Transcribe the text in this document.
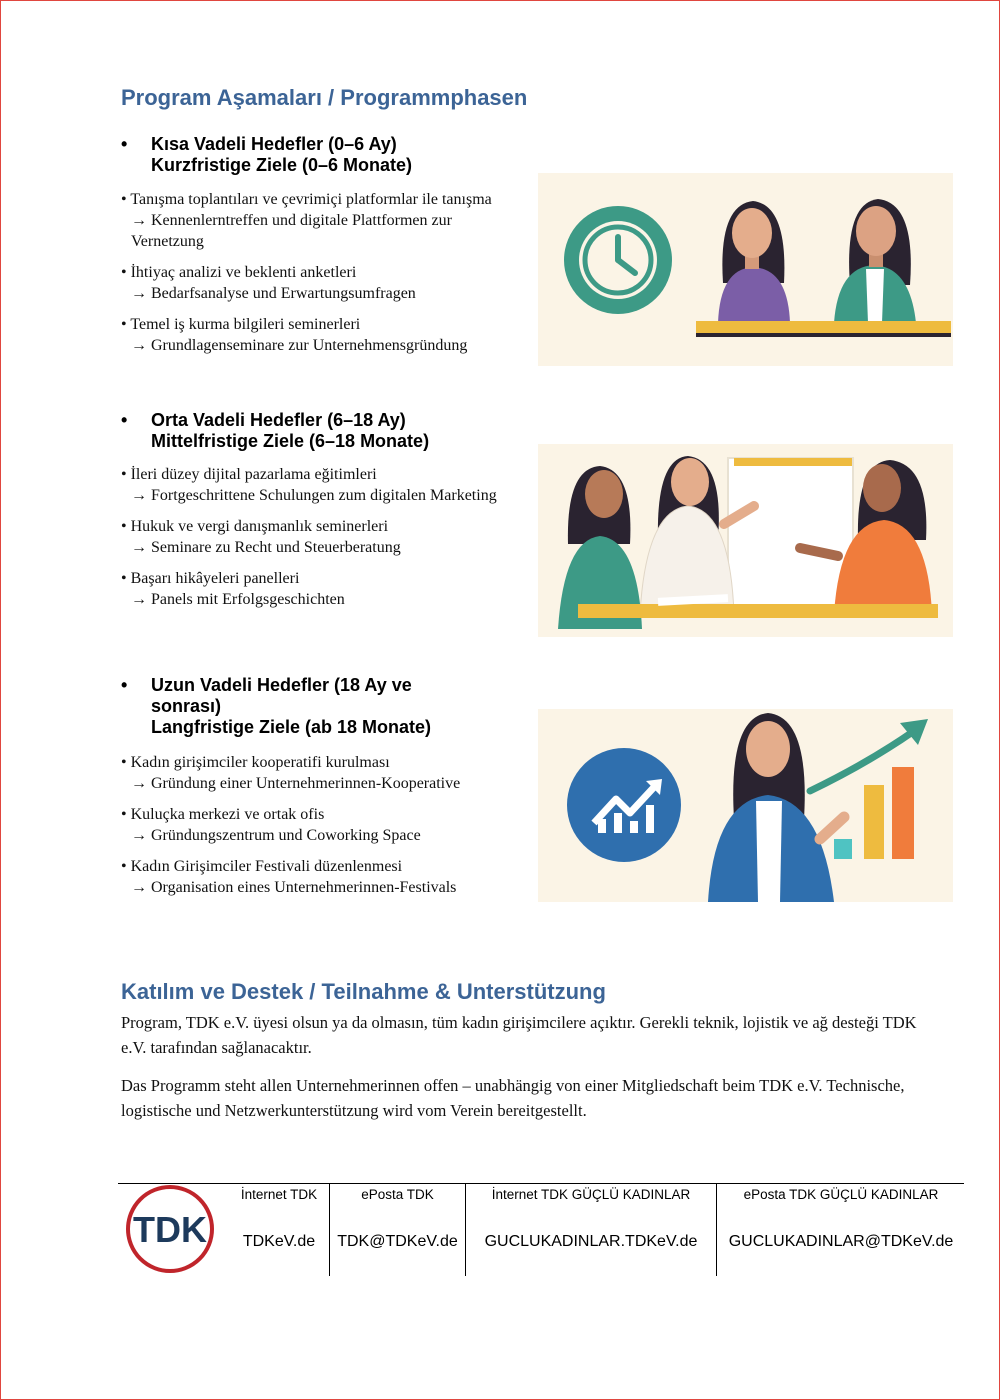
Program Aşamaları / Programmphasen
• Kısa Vadeli Hedefler (0–6 Ay)
Kurzfristige Ziele (0–6 Monate)
• Tanışma toplantıları ve çevrimiçi platformlar ile tanışma
→ Kennenlerntreffen und digitale Plattformen zur Vernetzung
• İhtiyaç analizi ve beklenti anketleri
→ Bedarfsanalyse und Erwartungsumfragen
• Temel iş kurma bilgileri seminerleri
→ Grundlagenseminare zur Unternehmensgründung
• Orta Vadeli Hedefler (6–18 Ay)
Mittelfristige Ziele (6–18 Monate)
• İleri düzey dijital pazarlama eğitimleri
→ Fortgeschrittene Schulungen zum digitalen Marketing
• Hukuk ve vergi danışmanlık seminerleri
→ Seminare zu Recht und Steuerberatung
• Başarı hikâyeleri panelleri
→ Panels mit Erfolgsgeschichten
• Uzun Vadeli Hedefler (18 Ay ve sonrası)
Langfristige Ziele (ab 18 Monate)
• Kadın girişimciler kooperatifi kurulması
→ Gründung einer Unternehmerinnen-Kooperative
• Kuluçka merkezi ve ortak ofis
→ Gründungszentrum und Coworking Space
• Kadın Girişimciler Festivali düzenlenmesi
→ Organisation eines Unternehmerinnen-Festivals
Katılım ve Destek / Teilnahme & Unterstützung

Program, TDK e.V. üyesi olsun ya da olmasın, tüm kadın girişimcilere açıktır. Gerekli teknik, lojistik ve ağ desteği TDK e.V. tarafından sağlanacaktır.

Das Programm steht allen Unternehmerinnen offen – unabhängig von einer Mitgliedschaft beim TDK e.V. Technische, logistische und Netzwerkunterstützung wird vom Verein bereitgestellt.

TDK
İnternet TDK
TDKeV.de
ePosta TDK
TDK@TDKeV.de
İnternet TDK GÜÇLÜ KADINLAR
GUCLUKADINLAR.TDKeV.de
ePosta TDK GÜÇLÜ KADINLAR
GUCLUKADINLAR@TDKeV.de
